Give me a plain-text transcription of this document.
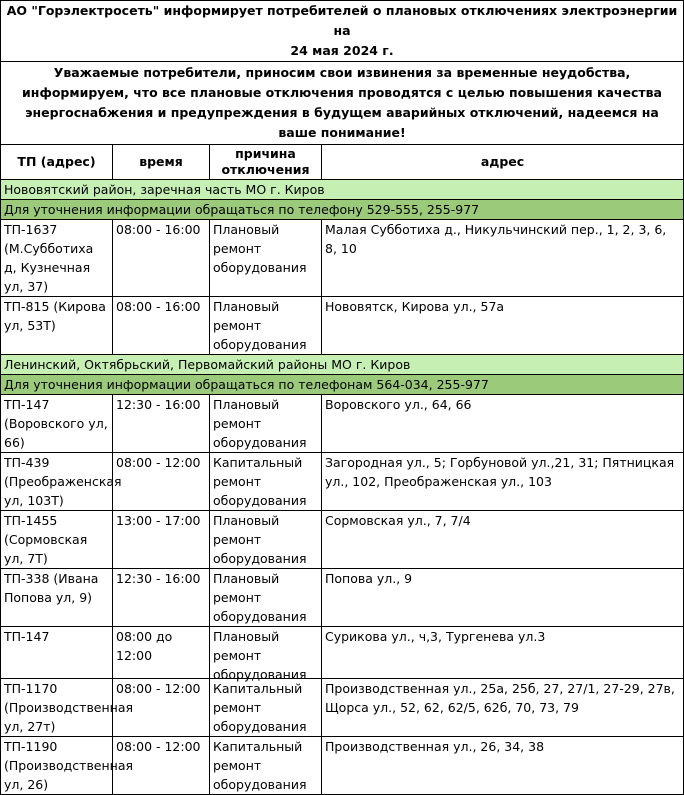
АО "Горэлектросеть" информирует потребителей о плановых отключениях электроэнергии на
24 мая 2024 г.			

Уважаемые потребители, приносим свои извинения за временные неудобства, информируем, что все плановые отключения проводятся с целью повышения качества энергоснабжения и предупреждения в будущем аварийных отключений, надеемся на ваше понимание!			
ТП (адрес)	время	причина отключения	адрес
Нововятский район, заречная часть МО г. Киров			
Для уточнения информации обращаться по телефону 529-555, 255-977			

ТП-1637 (М.Субботиха д, Кузнечная ул, 37)	08:00 - 16:00	Плановый ремонт оборудования	Малая Субботиха д., Никульчинский пер., 1, 2, 3, 6, 8, 10

ТП-815 (Кирова ул, 53Т)	08:00 - 16:00	Плановый ремонт оборудования	Нововятск, Кирова ул., 57а
Ленинский, Октябрьский, Первомайский районы МО г. Киров			
Для уточнения информации обращаться по телефонам 564-034, 255-977			

ТП-147 (Воровского ул, 66)	12:30 - 16:00	Плановый ремонт оборудования	Воровского ул., 64, 66

ТП-439 (Преображенская ул, 103Т)	08:00 - 12:00	Капитальный ремонт оборудования	Загородная ул., 5; Горбуновой ул.,21, 31; Пятницкая ул., 102, Преображенская ул., 103

ТП-1455 (Сормовская ул, 7Т)	13:00 - 17:00	Плановый ремонт оборудования	Сормовская ул., 7, 7/4

ТП-338 (Ивана Попова ул, 9)	12:30 - 16:00	Плановый ремонт оборудования	Попова ул., 9

ТП-147	08:00 до 12:00	Плановый ремонт оборудования	Сурикова ул., ч,3, Тургенева ул.3

ТП-1170 (Производственная ул, 27т)	08:00 - 12:00	Капитальный ремонт оборудования	Производственная ул., 25а, 25б, 27, 27/1, 27-29, 27в, Щорса ул., 52, 62, 62/5, 62б, 70, 73, 79

ТП-1190 (Производственная ул, 26)	08:00 - 12:00	Капитальный ремонт оборудования	Производственная ул., 26, 34, 38
